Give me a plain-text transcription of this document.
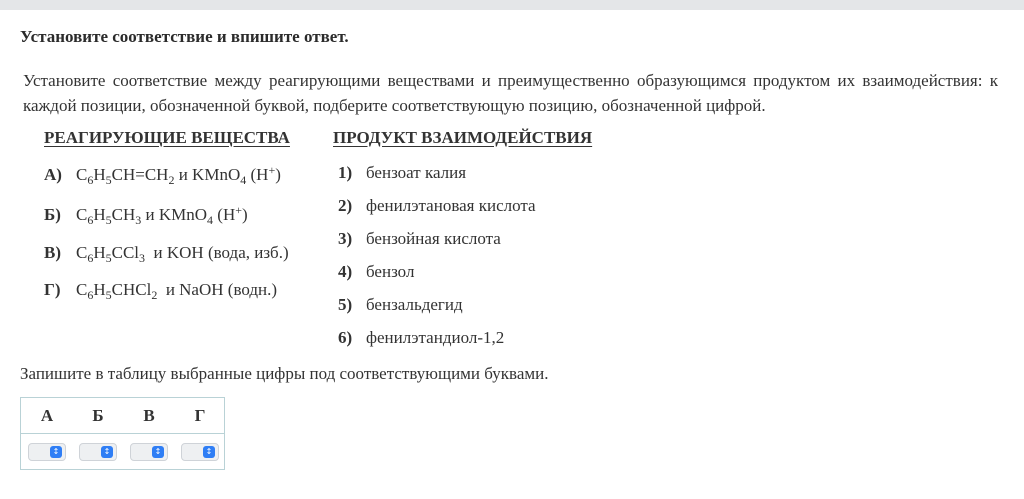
Установите соответствие и впишите ответ.
Установите соответствие между реагирующими веществами и преимущественно образующимся продуктом их взаимодействия: к каждой позиции, обозначенной буквой, подберите соответствующую позицию, обозначенной цифрой.
РЕАГИРУЮЩИЕ ВЕЩЕСТВА	ПРОДУКТ ВЗАИМОДЕЙСТВИЯ
А) $C_6H_5CH=CH_2$ и KMnO$_4$ (H+)
Б) $C_6H_5CH_3$ и KMnO$_4$ (H+)
В) $C_6H_5CCl_3$  и KOH (вода, изб.)
Г) $C_6H_5CHCl_2$  и NaOH (водн.)
1) бензоат калия
2) фенилэтановая кислота
3) бензойная кислота
4) бензол
5) бензальдегид
6) фенилэтандиол-1,2
Запишите в таблицу выбранные цифры под соответствующими буквами.
А	Б	В	Г
↕	↕	↕	↕
